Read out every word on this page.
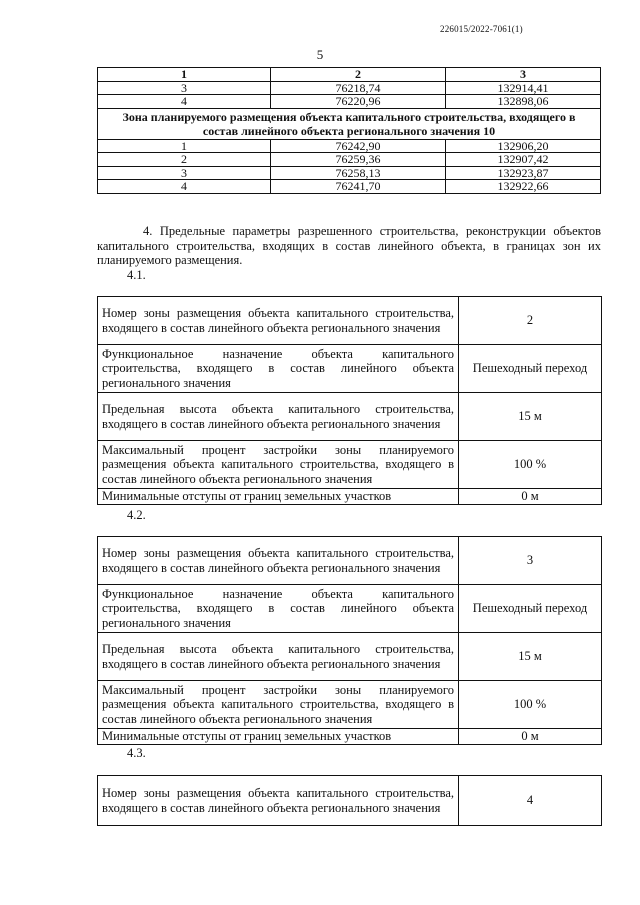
226015/2022-7061(1)
5
1	2	3
3	76218,74	132914,41
4	76220,96	132898,06
Зона планируемого размещения объекта капитального строительства, входящего в состав линейного объекта регионального значения 10		
1	76242,90	132906,20
2	76259,36	132907,42
3	76258,13	132923,87
4	76241,70	132922,66
4. Предельные параметры разрешенного строительства, реконструкции объектов капитального строительства, входящих в состав линейного объекта, в границах зон их планируемого размещения.
4.1.
Номер зоны размещения объекта капитального строительства, входящего в состав линейного объекта регионального значения	2
Функциональное назначение объекта капитального строительства, входящего в состав линейного объекта регионального значения	Пешеходный переход
Предельная высота объекта капитального строительства, входящего в состав линейного объекта регионального значения	15 м
Максимальный процент застройки зоны планируемого размещения объекта капитального строительства, входящего в состав линейного объекта регионального значения	100 %
Минимальные отступы от границ земельных участков	0 м
4.2.
Номер зоны размещения объекта капитального строительства, входящего в состав линейного объекта регионального значения	3
Функциональное назначение объекта капитального строительства, входящего в состав линейного объекта регионального значения	Пешеходный переход
Предельная высота объекта капитального строительства, входящего в состав линейного объекта регионального значения	15 м
Максимальный процент застройки зоны планируемого размещения объекта капитального строительства, входящего в состав линейного объекта регионального значения	100 %
Минимальные отступы от границ земельных участков	0 м
4.3.
Номер зоны размещения объекта капитального строительства, входящего в состав линейного объекта регионального значения	4
